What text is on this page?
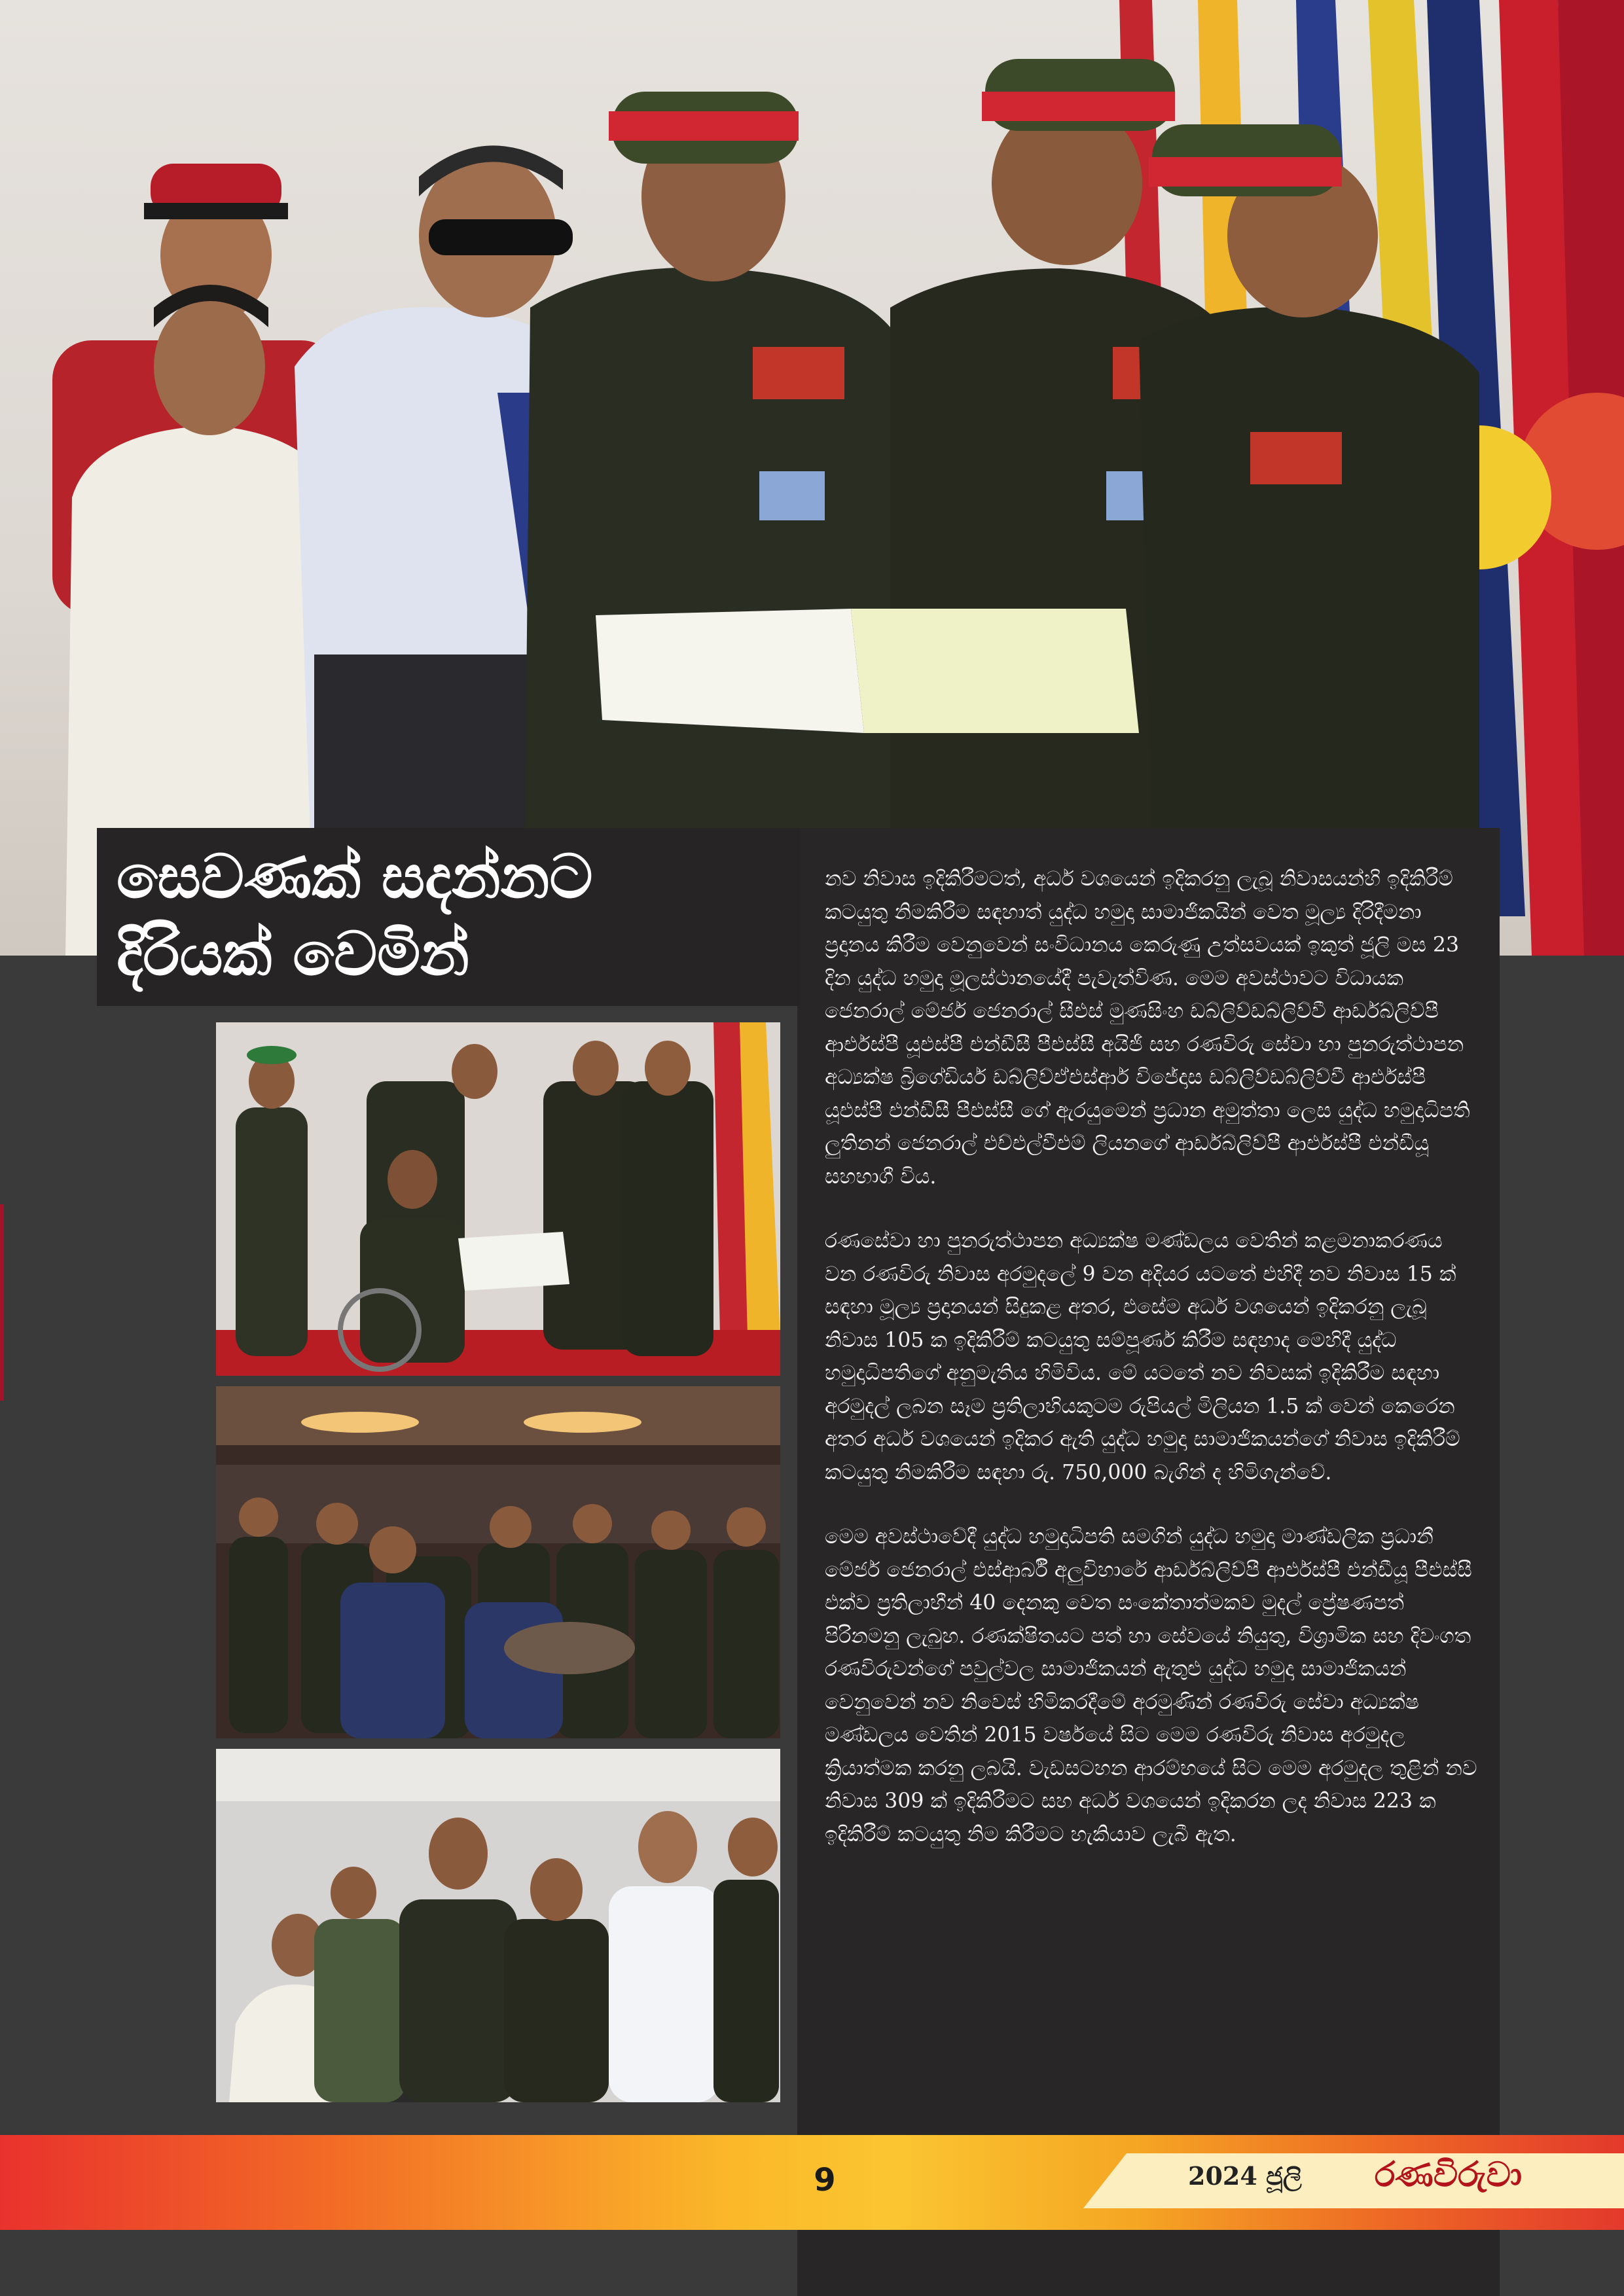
සෙවණක් සදන්නට
දිරියක් වෙමින්

නව නිවාස ඉදිකිරීමටත්, අර්ධ වශයෙන් ඉදිකරනු ලැබූ නිවාසයන්හි ඉදිකිරීම් කටයුතු නිමකිරීම සඳහාත් යුද්ධ හමුදා සාමාජිකයින් වෙත මූල්‍ය දිරිදීමනා ප්‍රදානය කිරීම වෙනුවෙන් සංවිධානය කෙරුණු උත්සවයක් ඉකුත් ජූලි මස 23 දින යුද්ධ හමුදා මූලස්ථානයේදී පැවැත්විණ. මෙම අවස්ථාවට විධායක ජෙනරාල් මේජර් ජෙනරාල් සීඑස් මුණසිංහ ඩබ්ලිව්ඩබ්ලිව්වී ආර්ඩබ්ලිව්පී ආර්එස්පී යූඑස්පී එන්ඩීසී පීඑස්සී අයිජී සහ රණවිරු සේවා හා පුනරුත්ථාපන අධ්‍යක්ෂ බ්‍රිගේඩියර් ඩබ්ලිව්ඒඑස්ආර් විජේදාස ඩබ්ලිව්ඩබ්ලිව්වී ආර්එස්පී යූඑස්පී එන්ඩීසී පීඑස්සී ගේ ඇරයුමෙන් ප්‍රධාන අමුත්තා ලෙස යුද්ධ හමුදාධිපති ලුතිනන් ජෙනරාල් එච්එල්වීඑම් ලියනගේ ආර්ඩබ්ලිව්පී ආර්එස්පී එන්ඩීයූ සහභාගී විය.

රණසේවා හා පුනරුත්ථාපන අධ්‍යක්ෂ මණ්ඩලය වෙතින් කළමනාකරණය වන රණවිරු නිවාස අරමුදලේ 9 වන අදියර යටතේ එහිදී නව නිවාස 15 ක් සඳහා මූල්‍ය ප්‍රදානයන් සිදුකළ අතර, එසේම අර්ධ වශයෙන් ඉදිකරනු ලැබූ නිවාස 105 ක ඉදිකිරීම් කටයුතු සම්පූර්ණ කිරීම සඳහාද මෙහිදී යුද්ධ හමුදාධිපතිගේ අනුමැතිය හිමිවිය. මේ යටතේ නව නිවසක් ඉදිකිරීම සඳහා අරමුදල් ලබන සෑම ප්‍රතිලාභියකුටම රුපියල් මිලියන 1.5 ක් වෙන් කෙරෙන අතර අර්ධ වශයෙන් ඉදිකර ඇති යුද්ධ හමුදා සාමාජිකයන්ගේ නිවාස ඉදිකිරීම් කටයුතු නිමකිරීම සඳහා රු. 750,000 බැගින් ද හිමිගැන්වේ.

මෙම අවස්ථාවේදී යුද්ධ හමුදාධිපති සමගින් යුද්ධ හමුදා මාණ්ඩලික ප්‍රධානී මේජර් ජෙනරාල් එස්ආර්බී අලුවිහාරේ ආර්ඩබ්ලිව්පී ආර්එස්පී එන්ඩීයූ පීඑස්සී එක්ව ප්‍රතිලාභීන් 40 දෙනකු වෙත සංකේතාත්මකව මුදල් ප්‍රේෂණපත් පිරිනමනු ලැබුහ. රණක්ෂිතයට පත් හා සේවයේ නියුතු, විශ්‍රාමික සහ දිවංගත රණවිරුවන්ගේ පවුල්වල සාමාජිකයන් ඇතුළු යුද්ධ හමුදා සාමාජිකයන් වෙනුවෙන් නව නිවෙස් හිමිකරදීමේ අරමුණින් රණවිරු සේවා අධ්‍යක්ෂ මණ්ඩලය වෙතින් 2015 වර්ෂයේ සිට මෙම රණවිරු නිවාස අරමුදල ක්‍රියාත්මක කරනු ලබයි. වැඩසටහන ආරම්භයේ සිට මෙම අරමුදල තුළින් නව නිවාස 309 ක් ඉදිකිරීමට සහ අර්ධ වශයෙන් ඉදිකරන ලද නිවාස 223 ක ඉදිකිරීම් කටයුතු නිම කිරීමට හැකියාව ලැබී ඇත.

9	2024 ජූලි රණවිරුවා
